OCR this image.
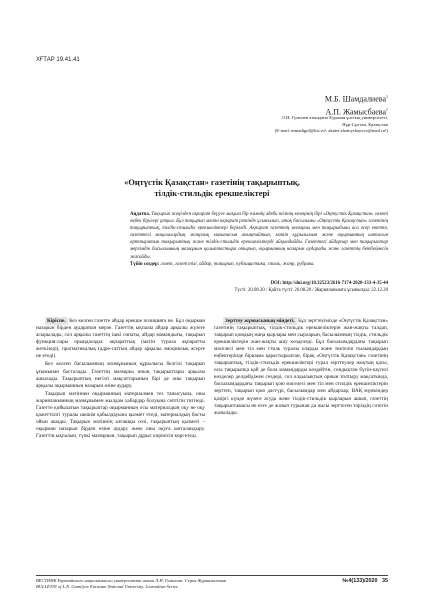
ХҒТАР 19.41.41
М.Б. Шамдалиева$^1$
А.П. Жамысбаева$^1$
Л.Н. Гумилев атындағы Еуразия ұлттық университеті,
Нұр-Сұлтан, Қазақстан
(E-mail: mmadigul@list.ru¹, akniet.zhamysbayeva@mail.ru¹)
«Оңтүстік Қазақстан» газетінің тақырыптық,
тілдік-стильдік ерекшеліктері
Аңдатпа. Тақырып жеңілден ақпарат беруге мақала бір елімнiң әдеби тілінің кезеңінiң бірі «Оңтүстік Қазақстан» газеті еңбек бірілері ұтқыл. Бұл тақырып мәтін ақпарат ретінде ұсынылып, атақ басылымы «Оңтүстік Қазақстан» газетінің тақырыптық, тілдік-стильдік ерекшеліктері беріледі. Ақпарат газеттің мазмұны мен тақырыбына аса әсер ететін, газеттегі мақалалардың жанрлық мағынасын анықтайтын, мәтін құрылымын және оқырманның ынтасын арттыратын тақырыптық және тілдік-стильдік ерекшеліктерді айқындайды. Газеттегі айдарлар мен тақырыптар мерзімдік басылымның мазмұнын қалыптастыра отырып, оқырманның назарын аударады және газеттің бетбейнесін жасайды.
Түйін сөздер: газет, газет тілі, айдар, тақырып, публицистика, стиль, жанр, рубрика.
DOI: http://doi.org/10.32523/2616-7174-2020-133-4-35-44
Түсті: 20.08.20 / Қайта түсті: 26.08.20 / Жарияланымға ұсынылды: 22.12.20

Кіріспе. Кез келген газетте айдар ерекше позицияға ие. Бұл оқырман назарын бірден аударатын мерзе. Газеттің ықпалы айдар арқылы жүзеге асырылады, сол арқылы газеттің ішкі сипаты, айдар мамандығы, тақырып функция-лары орындалады: ақпараттық (мәтін турала ақпаратты жеткізеді), прагматикалық (адре-саттың айдар арқылы эмоциялық әсерге ие етеді).

Кез келген басылымның мазмұнының құрылысы белгілі тақырып ұғымынан басталады. Газеттің мазмұны оның тақырыптары арқылы ашылады. Тақырыптың негізгі мақсаттарының бірі де оны тақырып арқылы оқырманның назарын өзіне аудару.

Тақырып мәтіннен оқырманның материалмен тез танысуына, оны жарияланымның мазмұнымен жылдам хабардар болуына септігін тигізеді. Газетте қойылатын тақырыптар оқырманның осы материалдың оқу не оқу қажеттілігі туралы шешім қабылдауына қызмет етеді, материалдың басты ойын ашады. Тақырып мәтіннің алғашқы сөзі, тақырыптың қызметі – оқырман назарын бірден өзіне аудару және оны оқуға ынталандыру. Газеттің ықпалын, түпкі мазмұнын, тақырып дұрыс көрінісін көрсетеді.

Зерттеу жұмысының міндеті. Бұл зерттеуімізде «Оңтүстік Қазақстан» газетінің тақырыптық, тілдік-стильдік ерекшеліктерін жан-жақты талдап, тақырып қоюдың жаңа қырлары мен сырларын, басылымның тілдік, стильдік ерекшеліктерін жан-жақты ашу көзделеді. Бұл басылымдардағы тақырып мәселесі мен тіл мен стиль туралы оларды және тектеліп ғылымдардың еңбектерінде біршама қарастырылған, бірақ «Оңтүстік Қазақстан» газетінің тақырыптық, тілдік-стильдік ерекшеліктері турал зерттеулер жоқтың қасы, осы тақырыпқа қай де бола мамандарды көздейтін, сондықтан бүгін-шүгелі көзделер делдейдіжен сөздері, сол олдылықтың орнын толтыру мақсатында, басылымдардағы тақырып қою мәселесі мен тіл мен стилдік ерекшеліктерін зерттеп, тақырып қою дәстүрі, басылымдар мен айдарлар, ВАҚ мүмкіндер қазіргі күнде жүзеге асуда және тілдік-стильдік қырларын ашып, газеттің тақырыптамасы не өзге де жазып турынан да жасы зерттеген тәріздің сәтегін жазылады.

ВЕСТНИК Евразийского национального университета имени Л.Н. Гумилева. Серия Журналистика
BULLETIN of L.N. Gumilyov Eurasian National University. Journalism Series
№4(133)/2020 35
